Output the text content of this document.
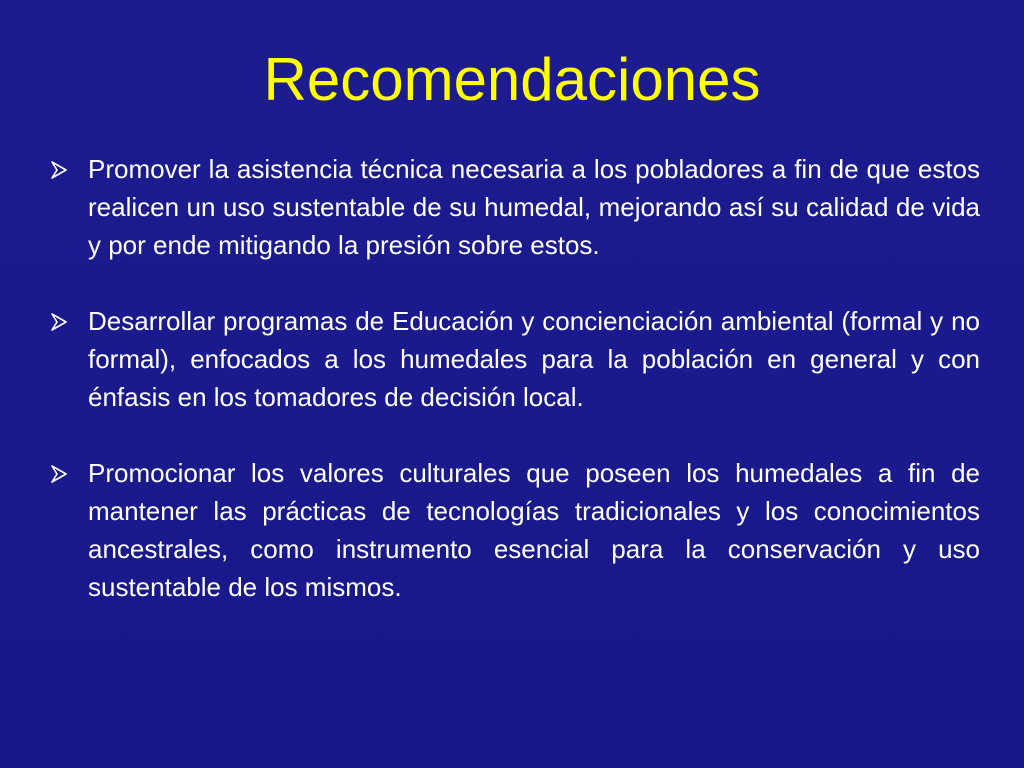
Recomendaciones
Promover la asistencia técnica necesaria a los pobladores a fin de que estos realicen un uso sustentable de su humedal, mejorando así su calidad de vida y por ende mitigando la presión sobre estos.
Desarrollar programas de Educación y concienciación ambiental (formal y no formal), enfocados a los humedales para la población en general y con énfasis en los tomadores de decisión local.
Promocionar los valores culturales que poseen los humedales a fin de mantener las prácticas de tecnologías tradicionales y los conocimientos ancestrales, como instrumento esencial para la conservación y uso sustentable de los mismos.
